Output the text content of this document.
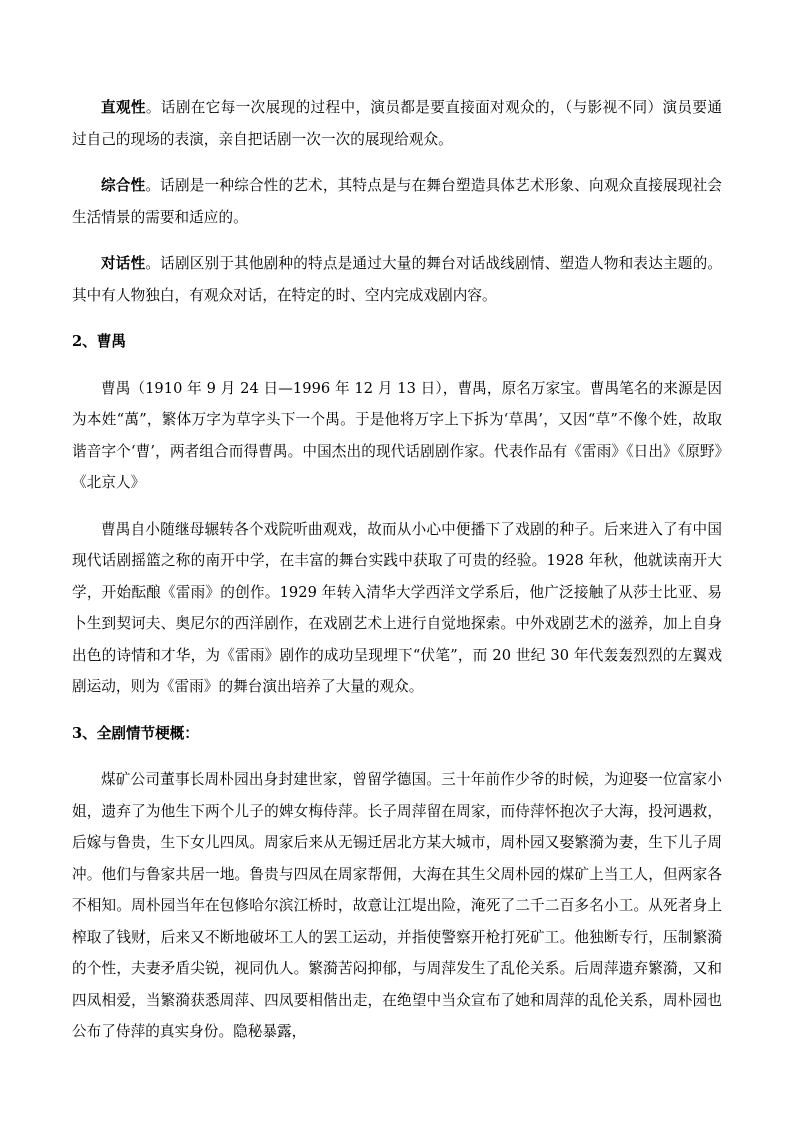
直观性。话剧在它每一次展现的过程中，演员都是要直接面对观众的，（与影视不同）演员要通过自己的现场的表演，亲自把话剧一次一次的展现给观众。

综合性。话剧是一种综合性的艺术，其特点是与在舞台塑造具体艺术形象、向观众直接展现社会生活情景的需要和适应的。

对话性。话剧区别于其他剧种的特点是通过大量的舞台对话战线剧情、塑造人物和表达主题的。其中有人物独白，有观众对话，在特定的时、空内完成戏剧内容。

2、曹禺

曹禺（1910 年 9 月 24 日—1996 年 12 月 13 日），曹禺，原名万家宝。曹禺笔名的来源是因为本姓“萬”，繁体万字为草字头下一个禺。于是他将万字上下拆为‘草禺’，又因“草”不像个姓，故取谐音字个‘曹’，两者组合而得曹禺。中国杰出的现代话剧剧作家。代表作品有《雷雨》《日出》《原野》《北京人》

曹禺自小随继母辗转各个戏院听曲观戏，故而从小心中便播下了戏剧的种子。后来进入了有中国现代话剧摇篮之称的南开中学，在丰富的舞台实践中获取了可贵的经验。1928 年秋，他就读南开大学，开始酝酿《雷雨》的创作。1929 年转入清华大学西洋文学系后，他广泛接触了从莎士比亚、易卜生到契诃夫、奥尼尔的西洋剧作，在戏剧艺术上进行自觉地探索。中外戏剧艺术的滋养，加上自身出色的诗情和才华，为《雷雨》剧作的成功呈现埋下“伏笔”，而 20 世纪 30 年代轰轰烈烈的左翼戏剧运动，则为《雷雨》的舞台演出培养了大量的观众。

3、全剧情节梗概：

煤矿公司董事长周朴园出身封建世家，曾留学德国。三十年前作少爷的时候，为迎娶一位富家小姐，遗弃了为他生下两个儿子的婢女梅侍萍。长子周萍留在周家，而侍萍怀抱次子大海，投河遇救，后嫁与鲁贵，生下女儿四凤。周家后来从无锡迁居北方某大城市，周朴园又娶繁漪为妻，生下儿子周冲。他们与鲁家共居一地。鲁贵与四凤在周家帮佣，大海在其生父周朴园的煤矿上当工人，但两家各不相知。周朴园当年在包修哈尔滨江桥时，故意让江堤出险，淹死了二千二百多名小工。从死者身上榨取了钱财，后来又不断地破坏工人的罢工运动，并指使警察开枪打死矿工。他独断专行，压制繁漪的个性，夫妻矛盾尖锐，视同仇人。繁漪苦闷抑郁，与周萍发生了乱伦关系。后周萍遗弃繁漪，又和四凤相爱，当繁漪获悉周萍、四凤要相偕出走，在绝望中当众宣布了她和周萍的乱伦关系，周朴园也公布了侍萍的真实身份。隐秘暴露，
